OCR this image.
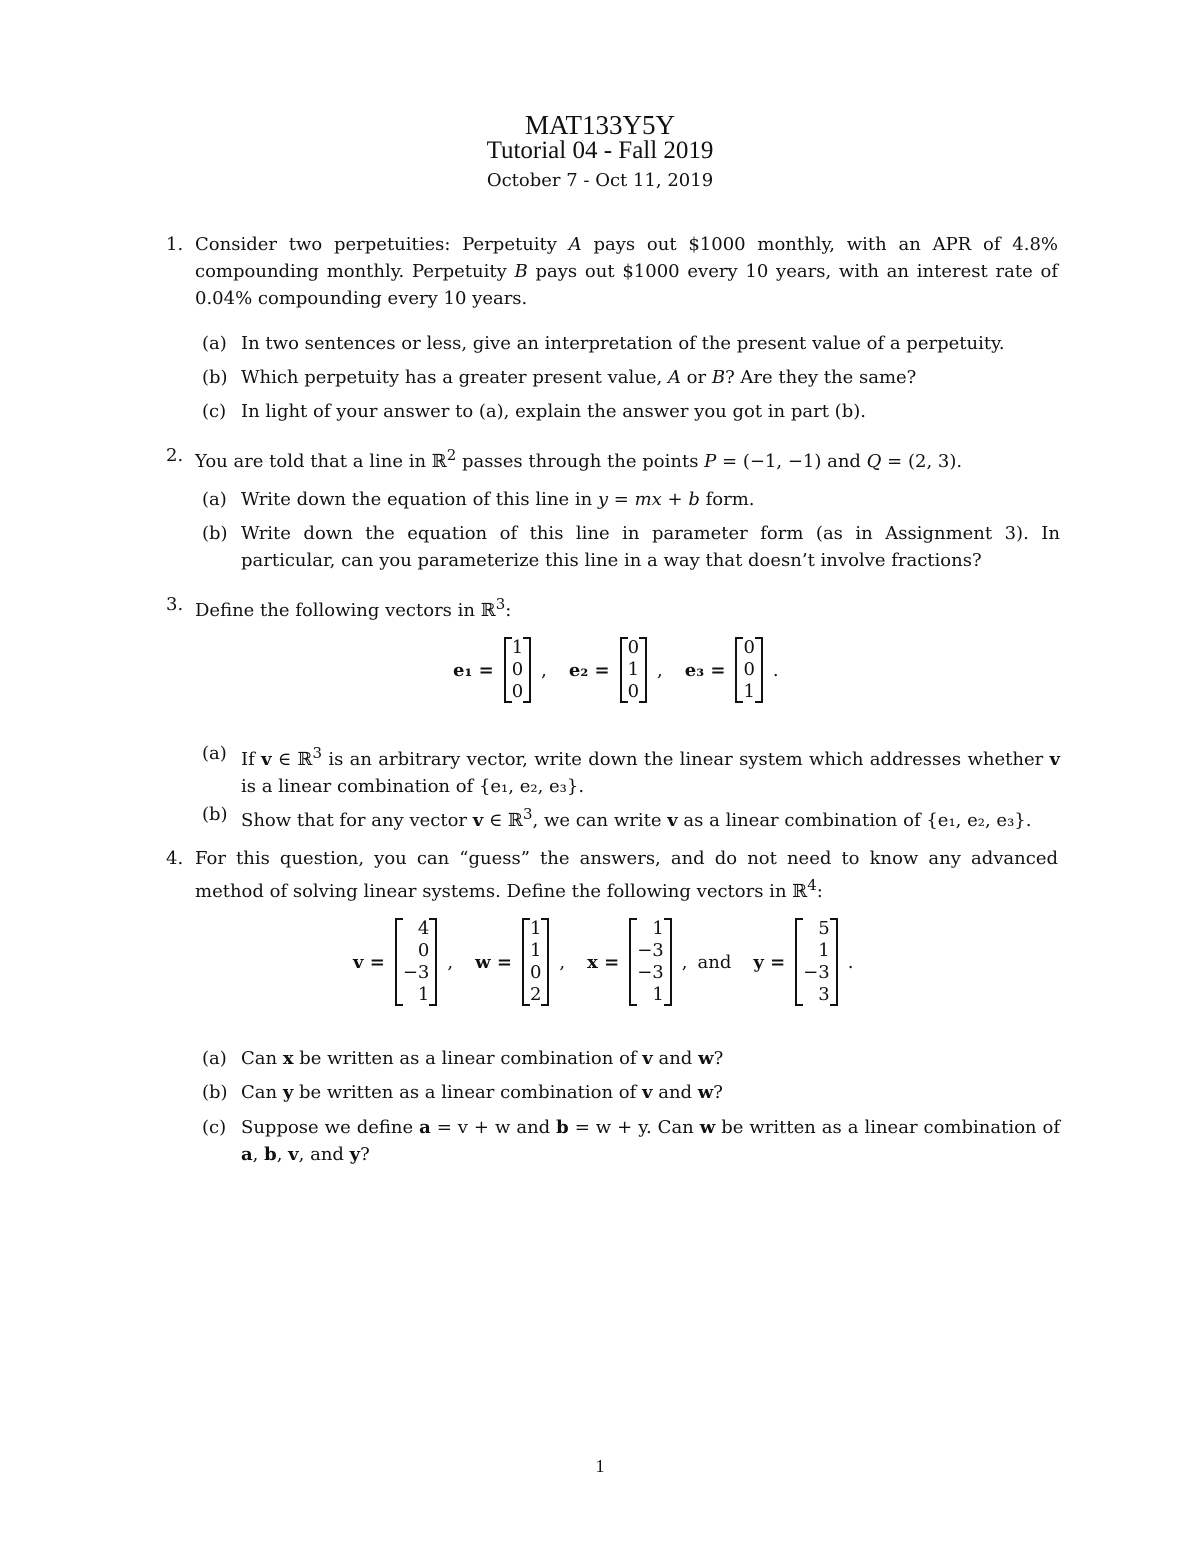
MAT133Y5Y
Tutorial 04 - Fall 2019
October 7 - Oct 11, 2019
1. Consider two perpetuities: Perpetuity A pays out $1000 monthly, with an APR of 4.8% compounding monthly. Perpetuity B pays out $1000 every 10 years, with an interest rate of 0.04% compounding every 10 years.
(a) In two sentences or less, give an interpretation of the present value of a perpetuity.
(b) Which perpetuity has a greater present value, A or B? Are they the same?
(c) In light of your answer to (a), explain the answer you got in part (b).
2. You are told that a line in ℝ$^2$ passes through the points P = (−1, −1) and Q = (2, 3).
(a) Write down the equation of this line in y = mx + b form.
(b) Write down the equation of this line in parameter form (as in Assignment 3). In particular, can you parameterize this line in a way that doesn’t involve fractions?
3. Define the following vectors in ℝ$^3$:
e₁ =
1
0
0
, e₂ =
0
1
0
, e₃ =
0
0
1
.
(a) If v ∈ ℝ$^3$ is an arbitrary vector, write down the linear system which addresses whether v is a linear combination of {e₁, e₂, e₃}.
(b) Show that for any vector v ∈ ℝ$^3$, we can write v as a linear combination of {e₁, e₂, e₃}.
4. For this question, you can “guess” the answers, and do not need to know any advanced method of solving linear systems. Define the following vectors in ℝ$^4$:
v =
4
0
−3
1
, w =
1
1
0
2
, x =
1
−3
−3
1
, and y =
5
1
−3
3
.
(a) Can x be written as a linear combination of v and w?
(b) Can y be written as a linear combination of v and w?
(c) Suppose we define a = v + w and b = w + y. Can w be written as a linear combination of a, b, v, and y?
1
